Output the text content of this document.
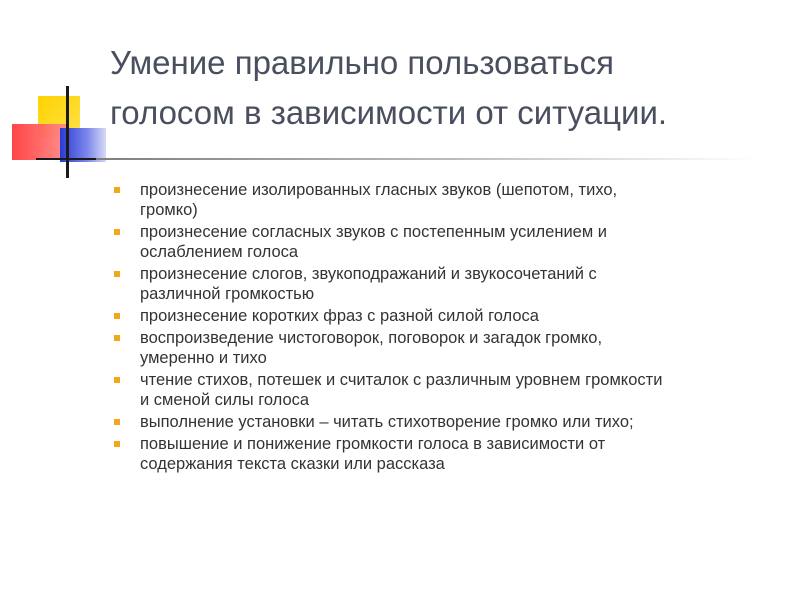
Умение правильно пользоваться
голосом в зависимости от ситуации.
произнесение изолированных гласных звуков (шепотом, тихо,
громко)
произнесение согласных звуков с постепенным усилением и
ослаблением голоса
произнесение слогов, звукоподражаний и звукосочетаний с
различной громкостью
произнесение коротких фраз с разной силой голоса
воспроизведение чистоговорок, поговорок и загадок громко,
умеренно и тихо
чтение стихов, потешек и считалок с различным уровнем громкости
и сменой силы голоса
выполнение установки – читать стихотворение громко или тихо;
повышение и понижение громкости голоса в зависимости от
содержания текста сказки или рассказа
